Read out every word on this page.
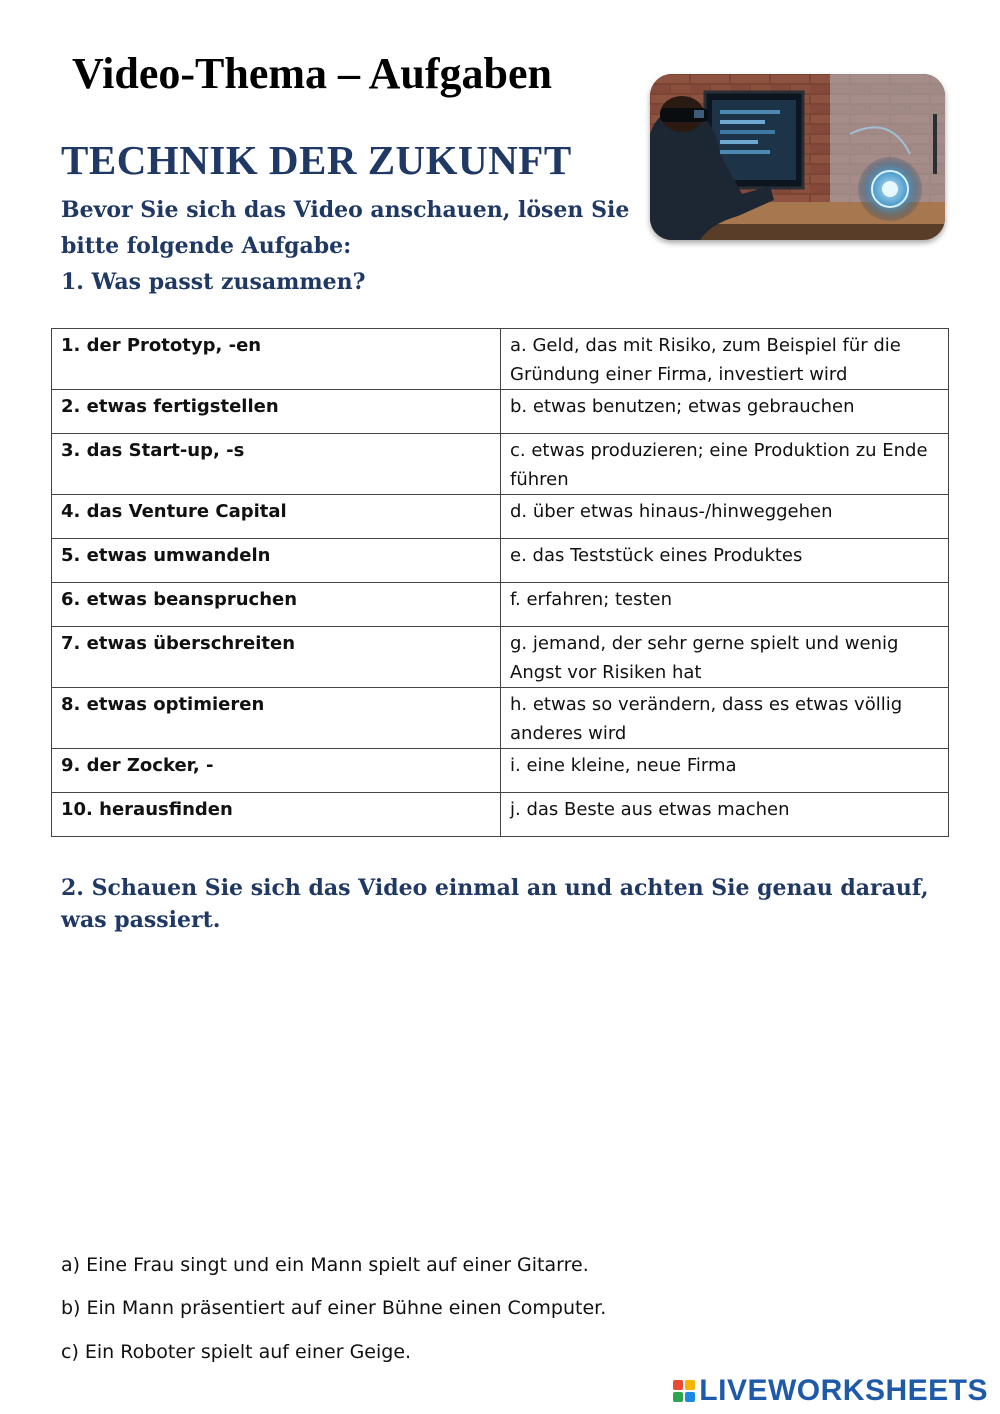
Video-Thema – Aufgaben
TECHNIK DER ZUKUNFT
Bevor Sie sich das Video anschauen, lösen Sie
bitte folgende Aufgabe:
1. Was passt zusammen?
1. der Prototyp, -en	a. Geld, das mit Risiko, zum Beispiel für die Gründung einer Firma, investiert wird
2. etwas fertigstellen	b. etwas benutzen; etwas gebrauchen
3. das Start-up, -s	c. etwas produzieren; eine Produktion zu Ende führen
4. das Venture Capital	d. über etwas hinaus-/hinweggehen
5. etwas umwandeln	e. das Teststück eines Produktes
6. etwas beanspruchen	f. erfahren; testen
7. etwas überschreiten	g. jemand, der sehr gerne spielt und wenig Angst vor Risiken hat
8. etwas optimieren	h. etwas so verändern, dass es etwas völlig anderes wird
9. der Zocker, -	i. eine kleine, neue Firma
10. herausfinden	j. das Beste aus etwas machen

2. Schauen Sie sich das Video einmal an und achten Sie genau darauf, was passiert.

a) Eine Frau singt und ein Mann spielt auf einer Gitarre.

b) Ein Mann präsentiert auf einer Bühne einen Computer.

c) Ein Roboter spielt auf einer Geige.

LIVEWORKSHEETS
